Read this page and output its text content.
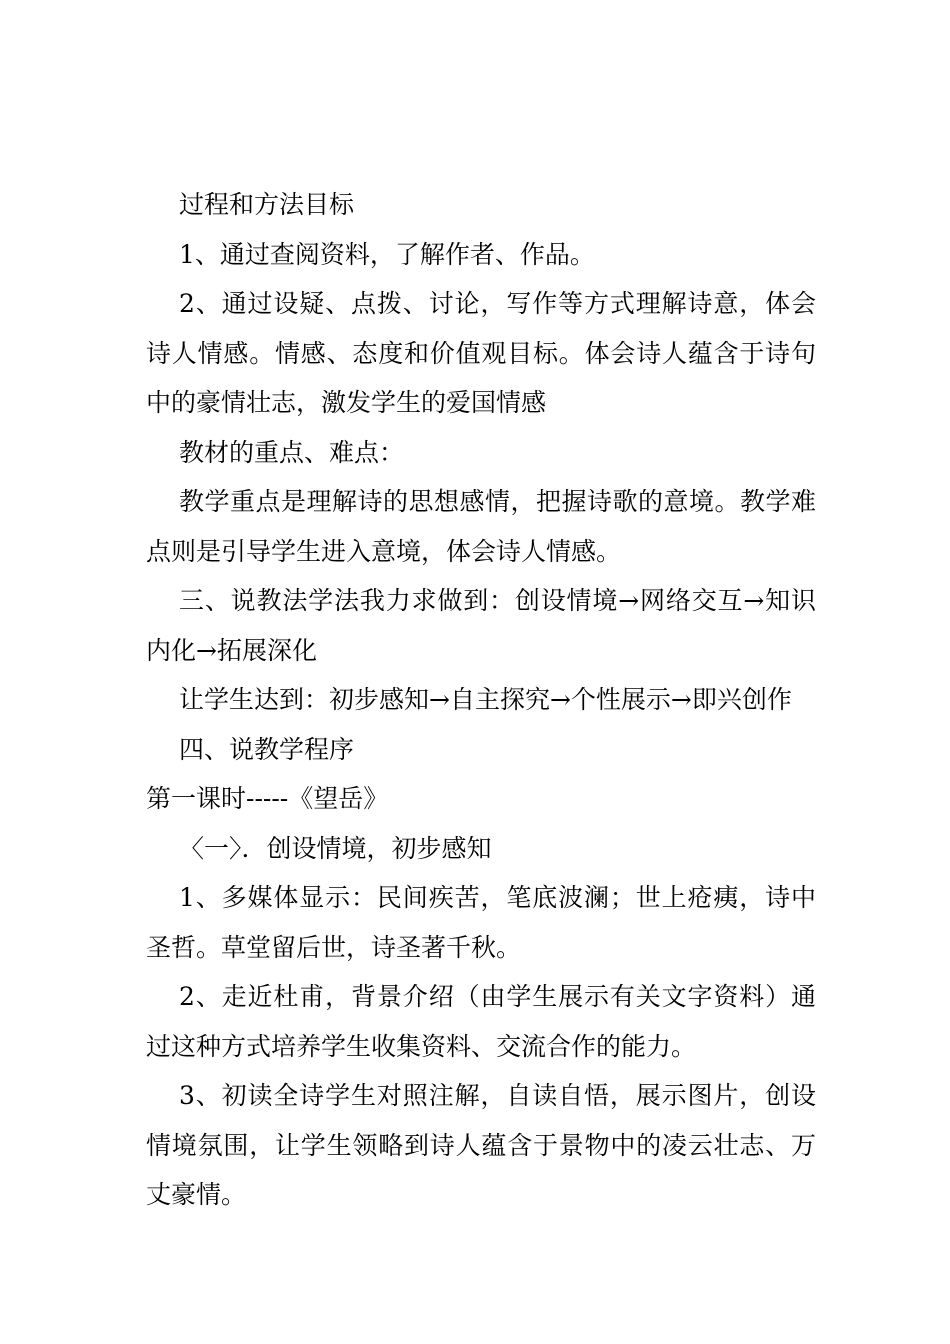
过程和方法目标

1、通过查阅资料，了解作者、作品。

2、通过设疑、点拨、讨论，写作等方式理解诗意，体会诗人情感。情感、态度和价值观目标。体会诗人蕴含于诗句中的豪情壮志，激发学生的爱国情感

教材的重点、难点：

教学重点是理解诗的思想感情，把握诗歌的意境。教学难点则是引导学生进入意境，体会诗人情感。

三、说教法学法我力求做到：创设情境→网络交互→知识内化→拓展深化

让学生达到：初步感知→自主探究→个性展示→即兴创作

四、说教学程序

第一课时-----《望岳》

〈一〉．创设情境，初步感知

1、多媒体显示：民间疾苦，笔底波澜；世上疮痍，诗中圣哲。草堂留后世，诗圣著千秋。

2、走近杜甫，背景介绍（由学生展示有关文字资料）通过这种方式培养学生收集资料、交流合作的能力。

3、初读全诗学生对照注解，自读自悟，展示图片，创设情境氛围，让学生领略到诗人蕴含于景物中的凌云壮志、万丈豪情。
